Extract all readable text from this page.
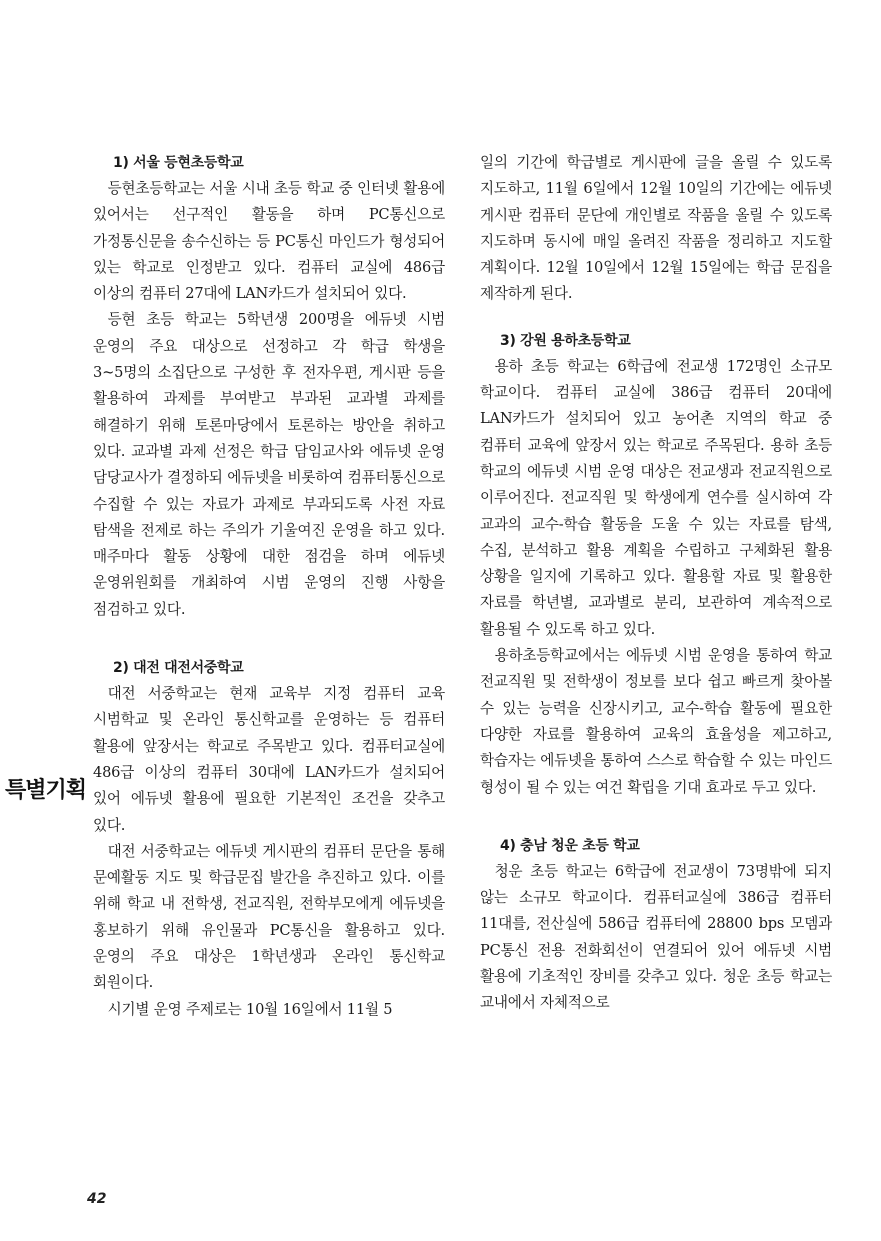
특별기획
1) 서울 등현초등학교

등현초등학교는 서울 시내 초등 학교 중 인터넷 활용에 있어서는 선구적인 활동을 하며 PC통신으로 가정통신문을 송수신하는 등 PC통신 마인드가 형성되어 있는 학교로 인정받고 있다. 컴퓨터 교실에 486급 이상의 컴퓨터 27대에 LAN카드가 설치되어 있다.

등현 초등 학교는 5학년생 200명을 에듀넷 시범 운영의 주요 대상으로 선정하고 각 학급 학생을 3~5명의 소집단으로 구성한 후 전자우편, 게시판 등을 활용하여 과제를 부여받고 부과된 교과별 과제를 해결하기 위해 토론마당에서 토론하는 방안을 취하고 있다. 교과별 과제 선정은 학급 담임교사와 에듀넷 운영 담당교사가 결정하되 에듀넷을 비롯하여 컴퓨터통신으로 수집할 수 있는 자료가 과제로 부과되도록 사전 자료 탐색을 전제로 하는 주의가 기울여진 운영을 하고 있다. 매주마다 활동 상황에 대한 점검을 하며 에듀넷 운영위원회를 개최하여 시범 운영의 진행 사항을 점검하고 있다.

2) 대전 대전서중학교

대전 서중학교는 현재 교육부 지정 컴퓨터 교육 시범학교 및 온라인 통신학교를 운영하는 등 컴퓨터 활용에 앞장서는 학교로 주목받고 있다. 컴퓨터교실에 486급 이상의 컴퓨터 30대에 LAN카드가 설치되어 있어 에듀넷 활용에 필요한 기본적인 조건을 갖추고 있다.

대전 서중학교는 에듀넷 게시판의 컴퓨터 문단을 통해 문예활동 지도 및 학급문집 발간을 추진하고 있다. 이를 위해 학교 내 전학생, 전교직원, 전학부모에게 에듀넷을 홍보하기 위해 유인물과 PC통신을 활용하고 있다. 운영의 주요 대상은 1학년생과 온라인 통신학교 회원이다.

시기별 운영 주제로는 10월 16일에서 11월 5

일의 기간에 학급별로 게시판에 글을 올릴 수 있도록 지도하고, 11월 6일에서 12월 10일의 기간에는 에듀넷 게시판 컴퓨터 문단에 개인별로 작품을 올릴 수 있도록 지도하며 동시에 매일 올려진 작품을 정리하고 지도할 계획이다. 12월 10일에서 12월 15일에는 학급 문집을 제작하게 된다.

3) 강원 용하초등학교

용하 초등 학교는 6학급에 전교생 172명인 소규모 학교이다. 컴퓨터 교실에 386급 컴퓨터 20대에 LAN카드가 설치되어 있고 농어촌 지역의 학교 중 컴퓨터 교육에 앞장서 있는 학교로 주목된다. 용하 초등 학교의 에듀넷 시범 운영 대상은 전교생과 전교직원으로 이루어진다. 전교직원 및 학생에게 연수를 실시하여 각 교과의 교수-학습 활동을 도울 수 있는 자료를 탐색, 수집, 분석하고 활용 계획을 수립하고 구체화된 활용 상황을 일지에 기록하고 있다. 활용할 자료 및 활용한 자료를 학년별, 교과별로 분리, 보관하여 계속적으로 활용될 수 있도록 하고 있다.

용하초등학교에서는 에듀넷 시범 운영을 통하여 학교 전교직원 및 전학생이 정보를 보다 쉽고 빠르게 찾아볼 수 있는 능력을 신장시키고, 교수-학습 활동에 필요한 다양한 자료를 활용하여 교육의 효율성을 제고하고, 학습자는 에듀넷을 통하여 스스로 학습할 수 있는 마인드 형성이 될 수 있는 여건 확립을 기대 효과로 두고 있다.

4) 충남 청운 초등 학교

청운 초등 학교는 6학급에 전교생이 73명밖에 되지 않는 소규모 학교이다. 컴퓨터교실에 386급 컴퓨터 11대를, 전산실에 586급 컴퓨터에 28800 bps 모뎀과 PC통신 전용 전화회선이 연결되어 있어 에듀넷 시범 활용에 기초적인 장비를 갖추고 있다. 청운 초등 학교는 교내에서 자체적으로

42
